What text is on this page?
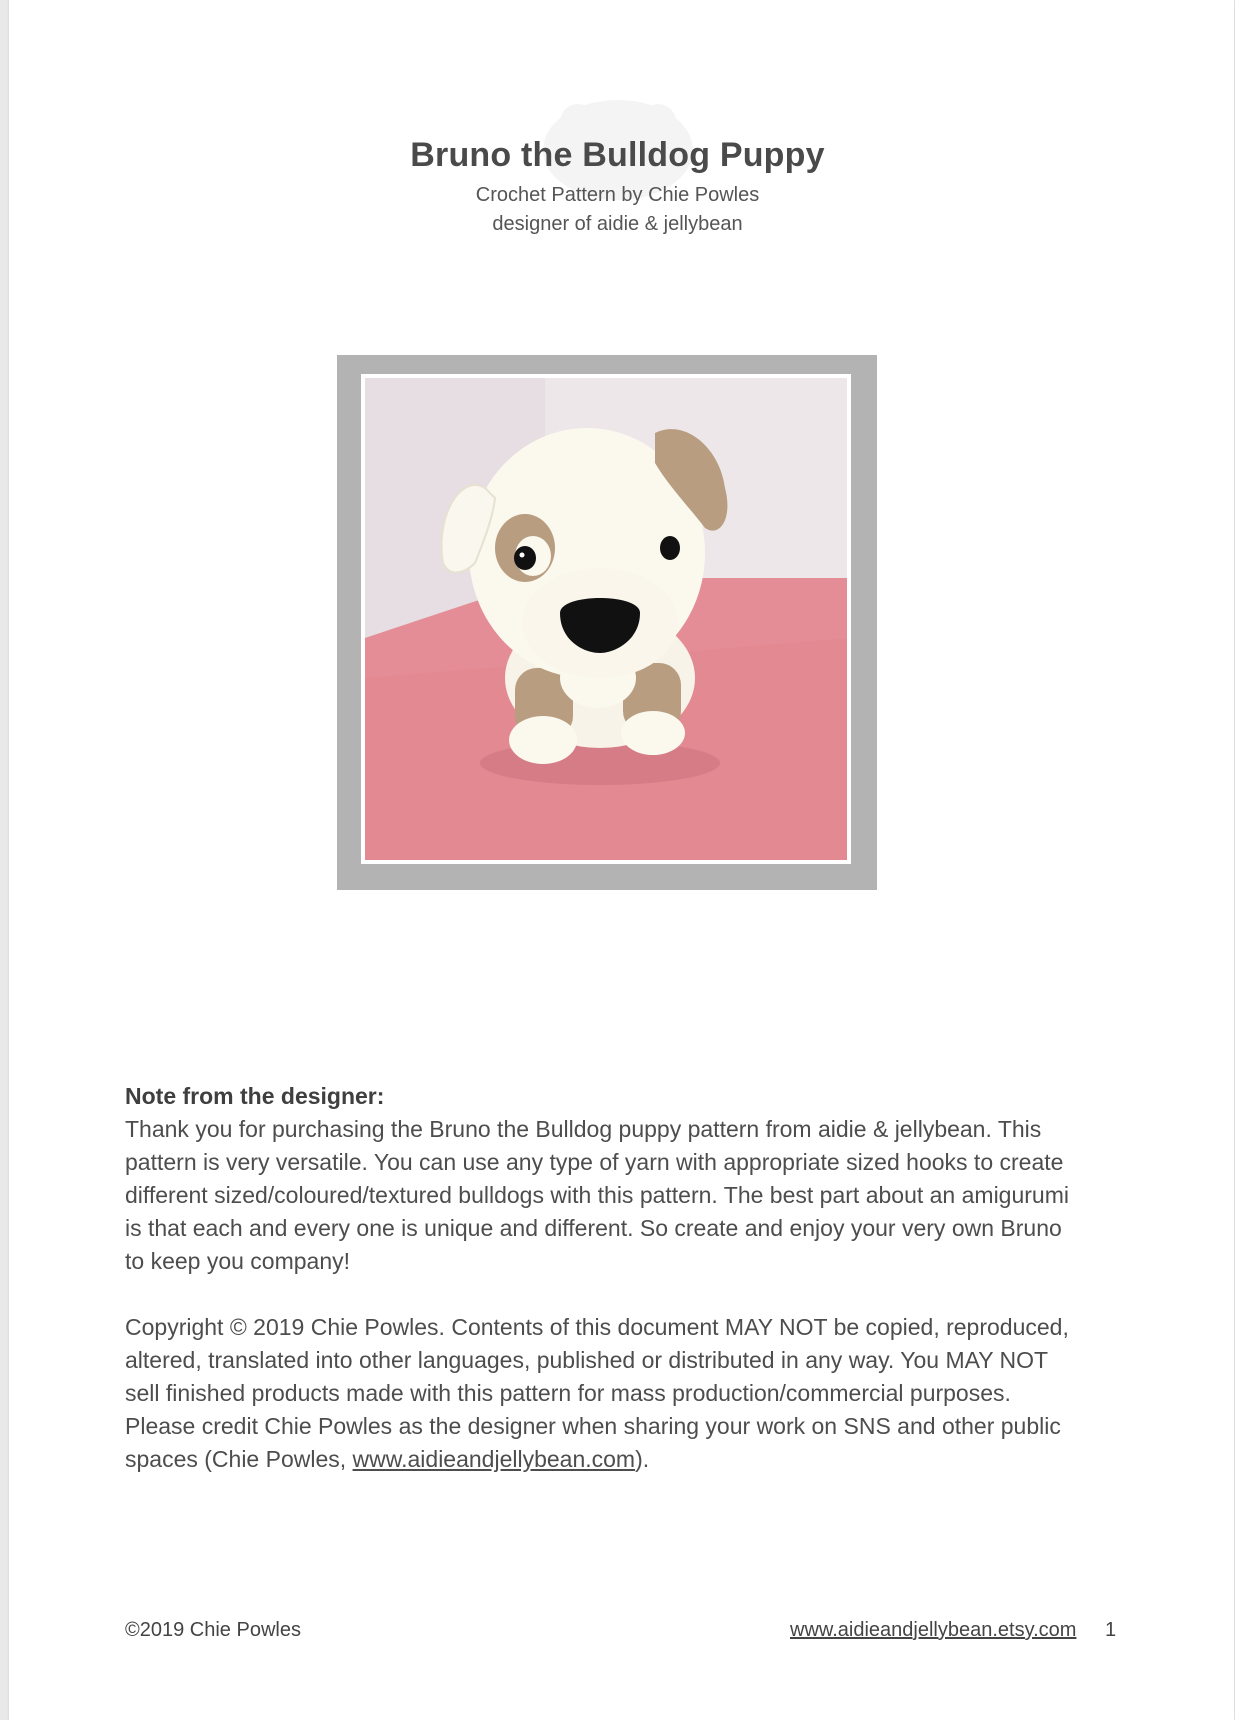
Bruno the Bulldog Puppy
Crochet Pattern by Chie Powles
designer of aidie & jellybean
Note from the designer:

Thank you for purchasing the Bruno the Bulldog puppy pattern from aidie & jellybean. This pattern is very versatile. You can use any type of yarn with appropriate sized hooks to create different sized/coloured/textured bulldogs with this pattern. The best part about an amigurumi is that each and every one is unique and different. So create and enjoy your very own Bruno to keep you company!

Copyright © 2019 Chie Powles. Contents of this document MAY NOT be copied, reproduced, altered, translated into other languages, published or distributed in any way. You MAY NOT sell finished products made with this pattern for mass production/commercial purposes. Please credit Chie Powles as the designer when sharing your work on SNS and other public spaces (Chie Powles, www.aidieandjellybean.com).

©2019 Chie Powles	www.aidieandjellybean.etsy.com 1
